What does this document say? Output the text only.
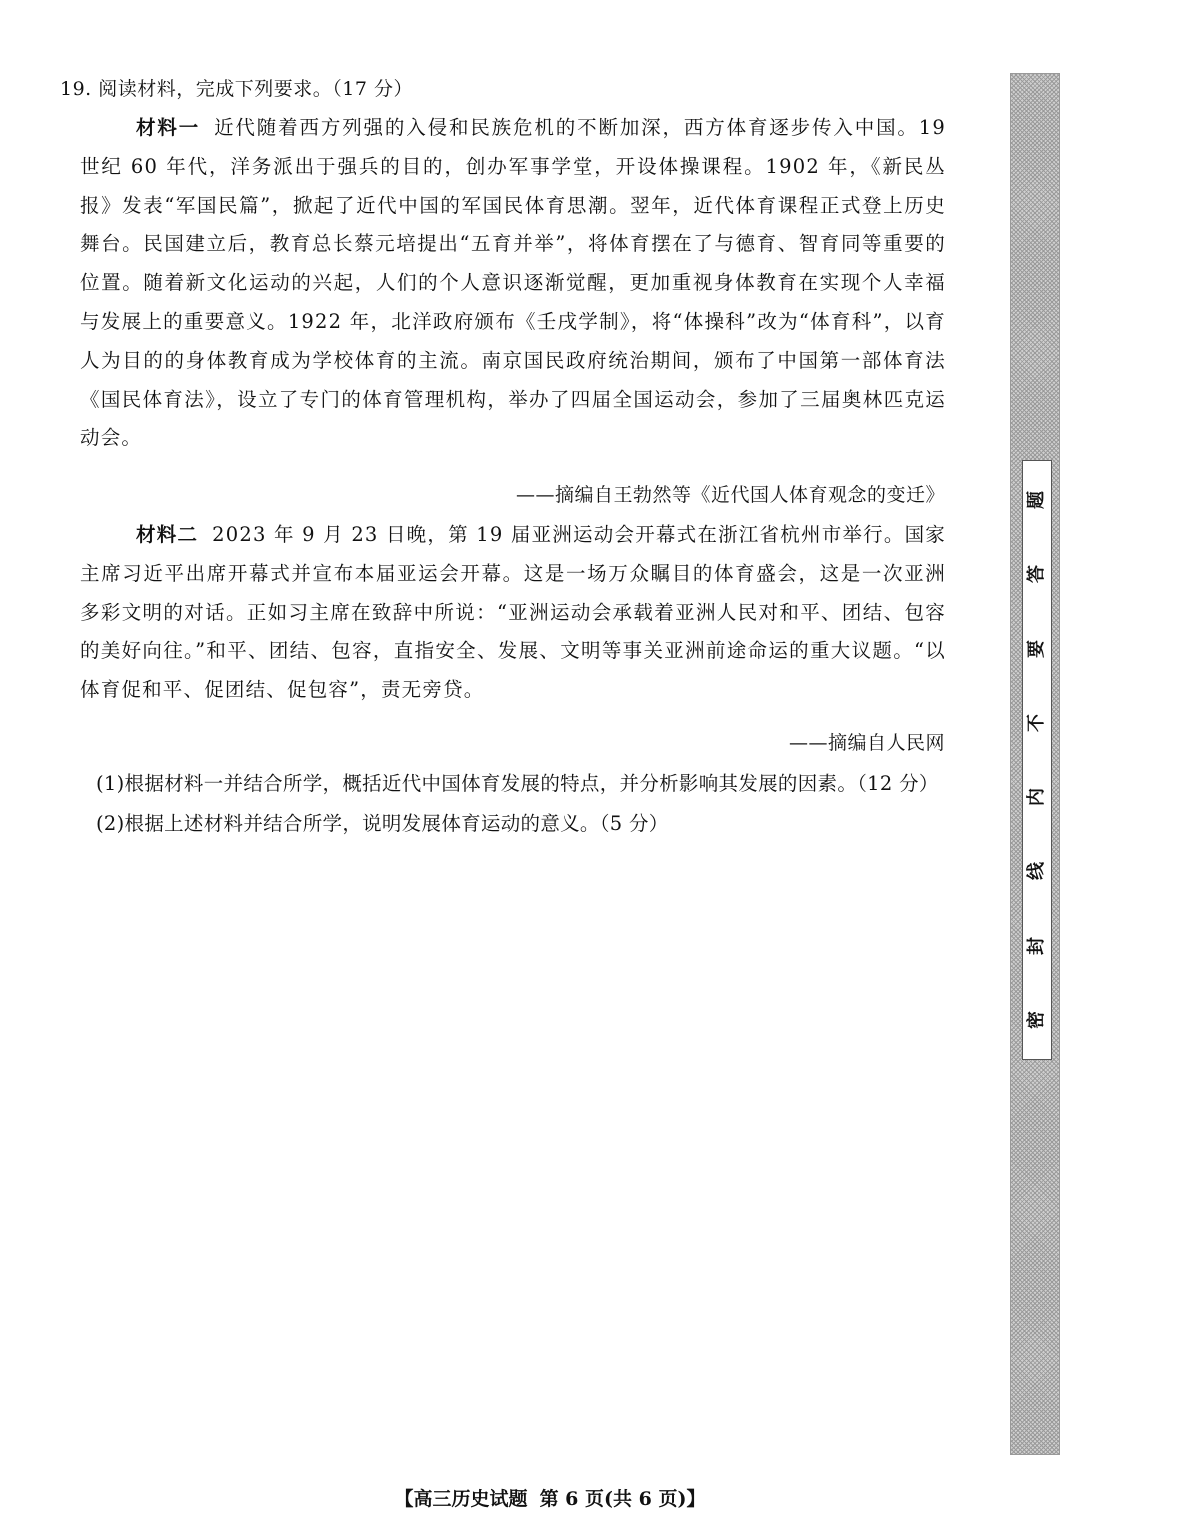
19. 阅读材料，完成下列要求。（17 分）
材料一 近代随着西方列强的入侵和民族危机的不断加深，西方体育逐步传入中国。19 世纪 60 年代，洋务派出于强兵的目的，创办军事学堂，开设体操课程。1902 年，《新民丛报》发表“军国民篇”，掀起了近代中国的军国民体育思潮。翌年，近代体育课程正式登上历史舞台。民国建立后，教育总长蔡元培提出“五育并举”，将体育摆在了与德育、智育同等重要的位置。随着新文化运动的兴起，人们的个人意识逐渐觉醒，更加重视身体教育在实现个人幸福与发展上的重要意义。1922 年，北洋政府颁布《壬戌学制》，将“体操科”改为“体育科”，以育人为目的的身体教育成为学校体育的主流。南京国民政府统治期间，颁布了中国第一部体育法《国民体育法》，设立了专门的体育管理机构，举办了四届全国运动会，参加了三届奥林匹克运动会。
——摘编自王勃然等《近代国人体育观念的变迁》
材料二 2023 年 9 月 23 日晚，第 19 届亚洲运动会开幕式在浙江省杭州市举行。国家主席习近平出席开幕式并宣布本届亚运会开幕。这是一场万众瞩目的体育盛会，这是一次亚洲多彩文明的对话。正如习主席在致辞中所说：“亚洲运动会承载着亚洲人民对和平、团结、包容的美好向往。”和平、团结、包容，直指安全、发展、文明等事关亚洲前途命运的重大议题。“以体育促和平、促团结、促包容”，责无旁贷。
——摘编自人民网
(1)根据材料一并结合所学，概括近代中国体育发展的特点，并分析影响其发展的因素。（12 分）
(2)根据上述材料并结合所学，说明发展体育运动的意义。（5 分）
【高三历史试题 第 6 页(共 6 页)】
密
封
线
内
不
要
答
题
